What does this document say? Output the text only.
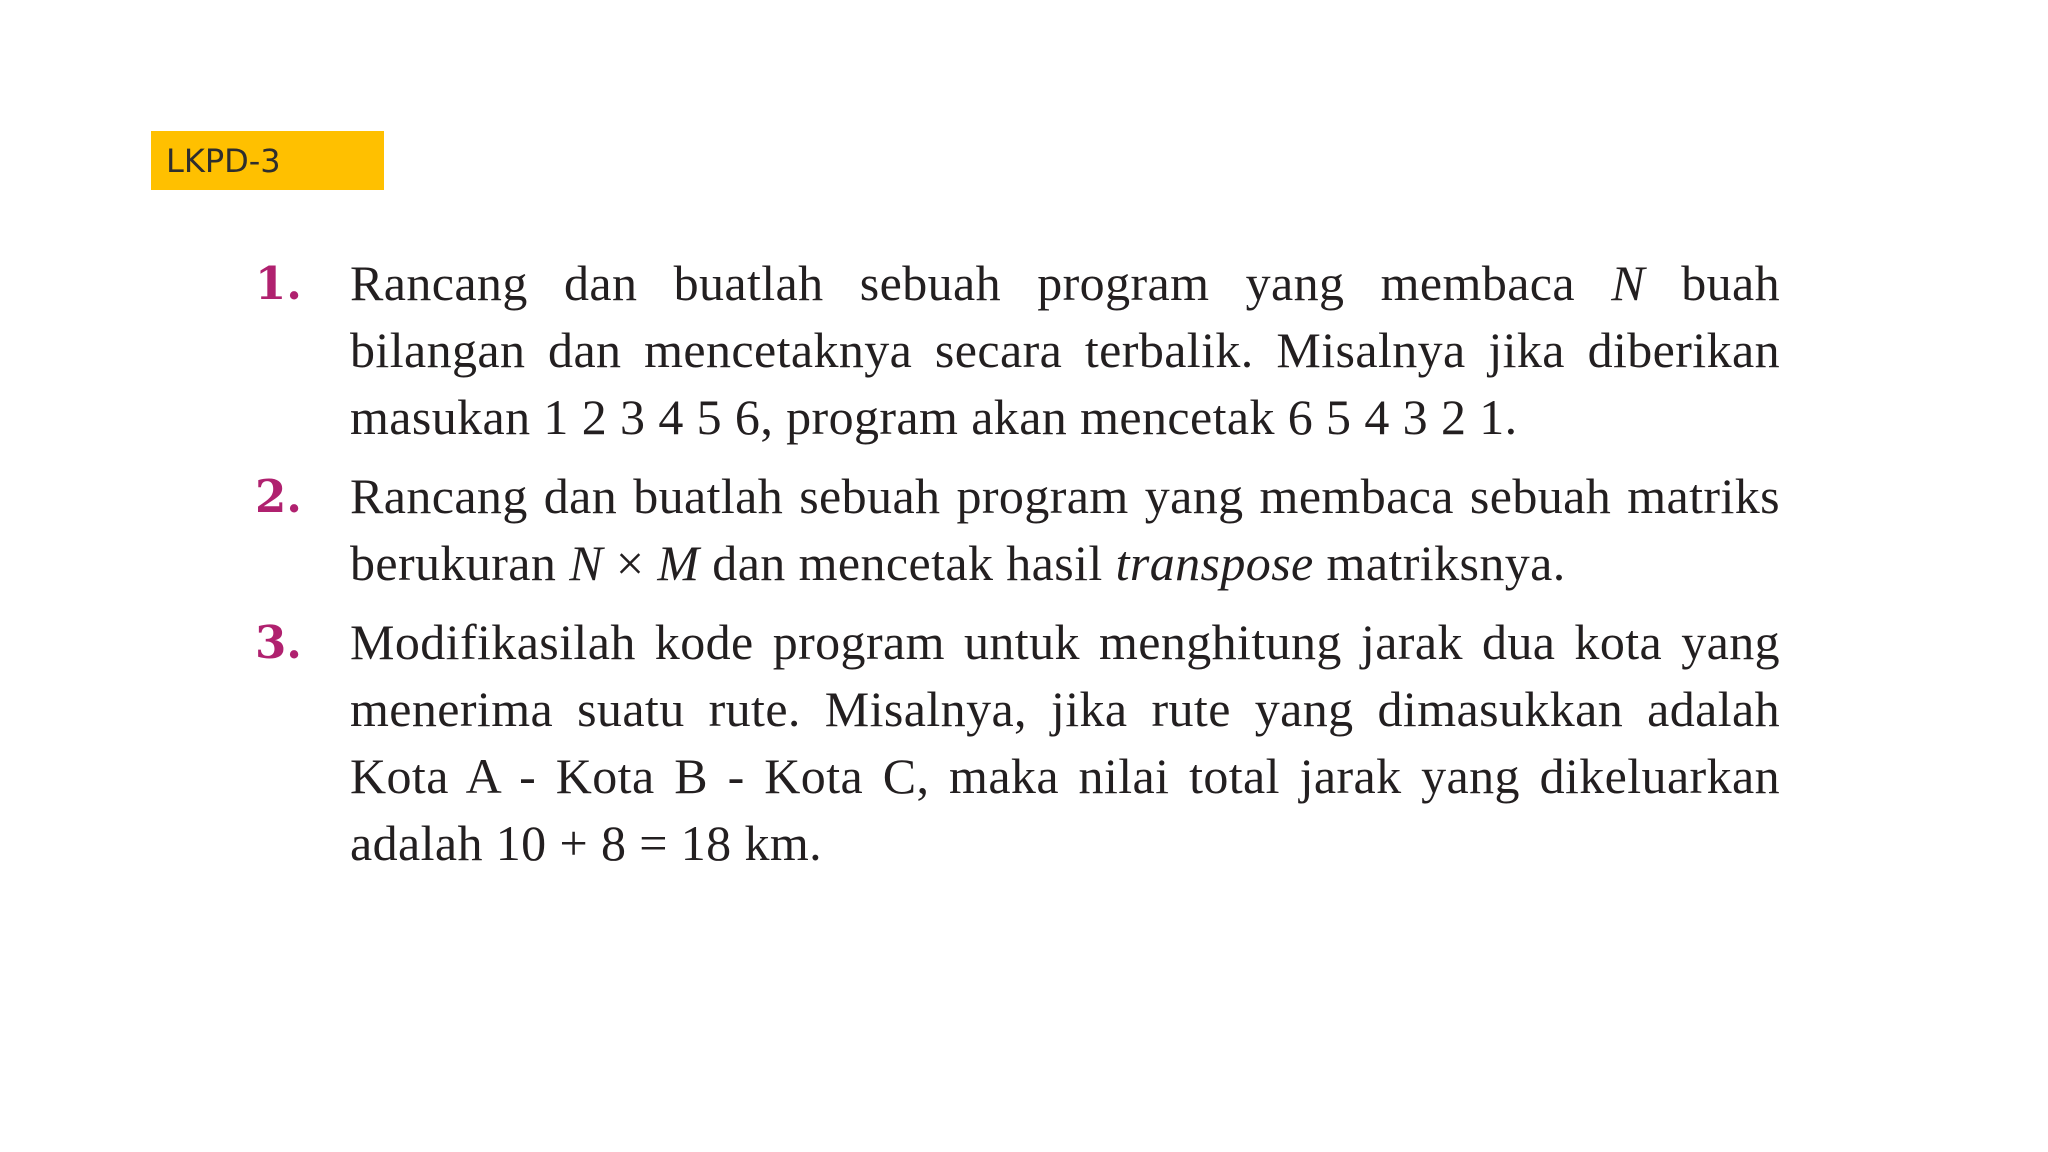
LKPD-3
1. Rancang dan buatlah sebuah program yang membaca N buah bilangan dan mencetaknya secara terbalik. Misalnya jika diberikan masukan 1 2 3 4 5 6, program akan mencetak 6 5 4 3 2 1.
2. Rancang dan buatlah sebuah program yang membaca sebuah matriks berukuran N × M dan mencetak hasil transpose matriksnya.
3. Modifikasilah kode program untuk menghitung jarak dua kota yang menerima suatu rute. Misalnya, jika rute yang dimasukkan adalah Kota A - Kota B - Kota C, maka nilai total jarak yang dikeluarkan adalah 10 + 8 = 18 km.
